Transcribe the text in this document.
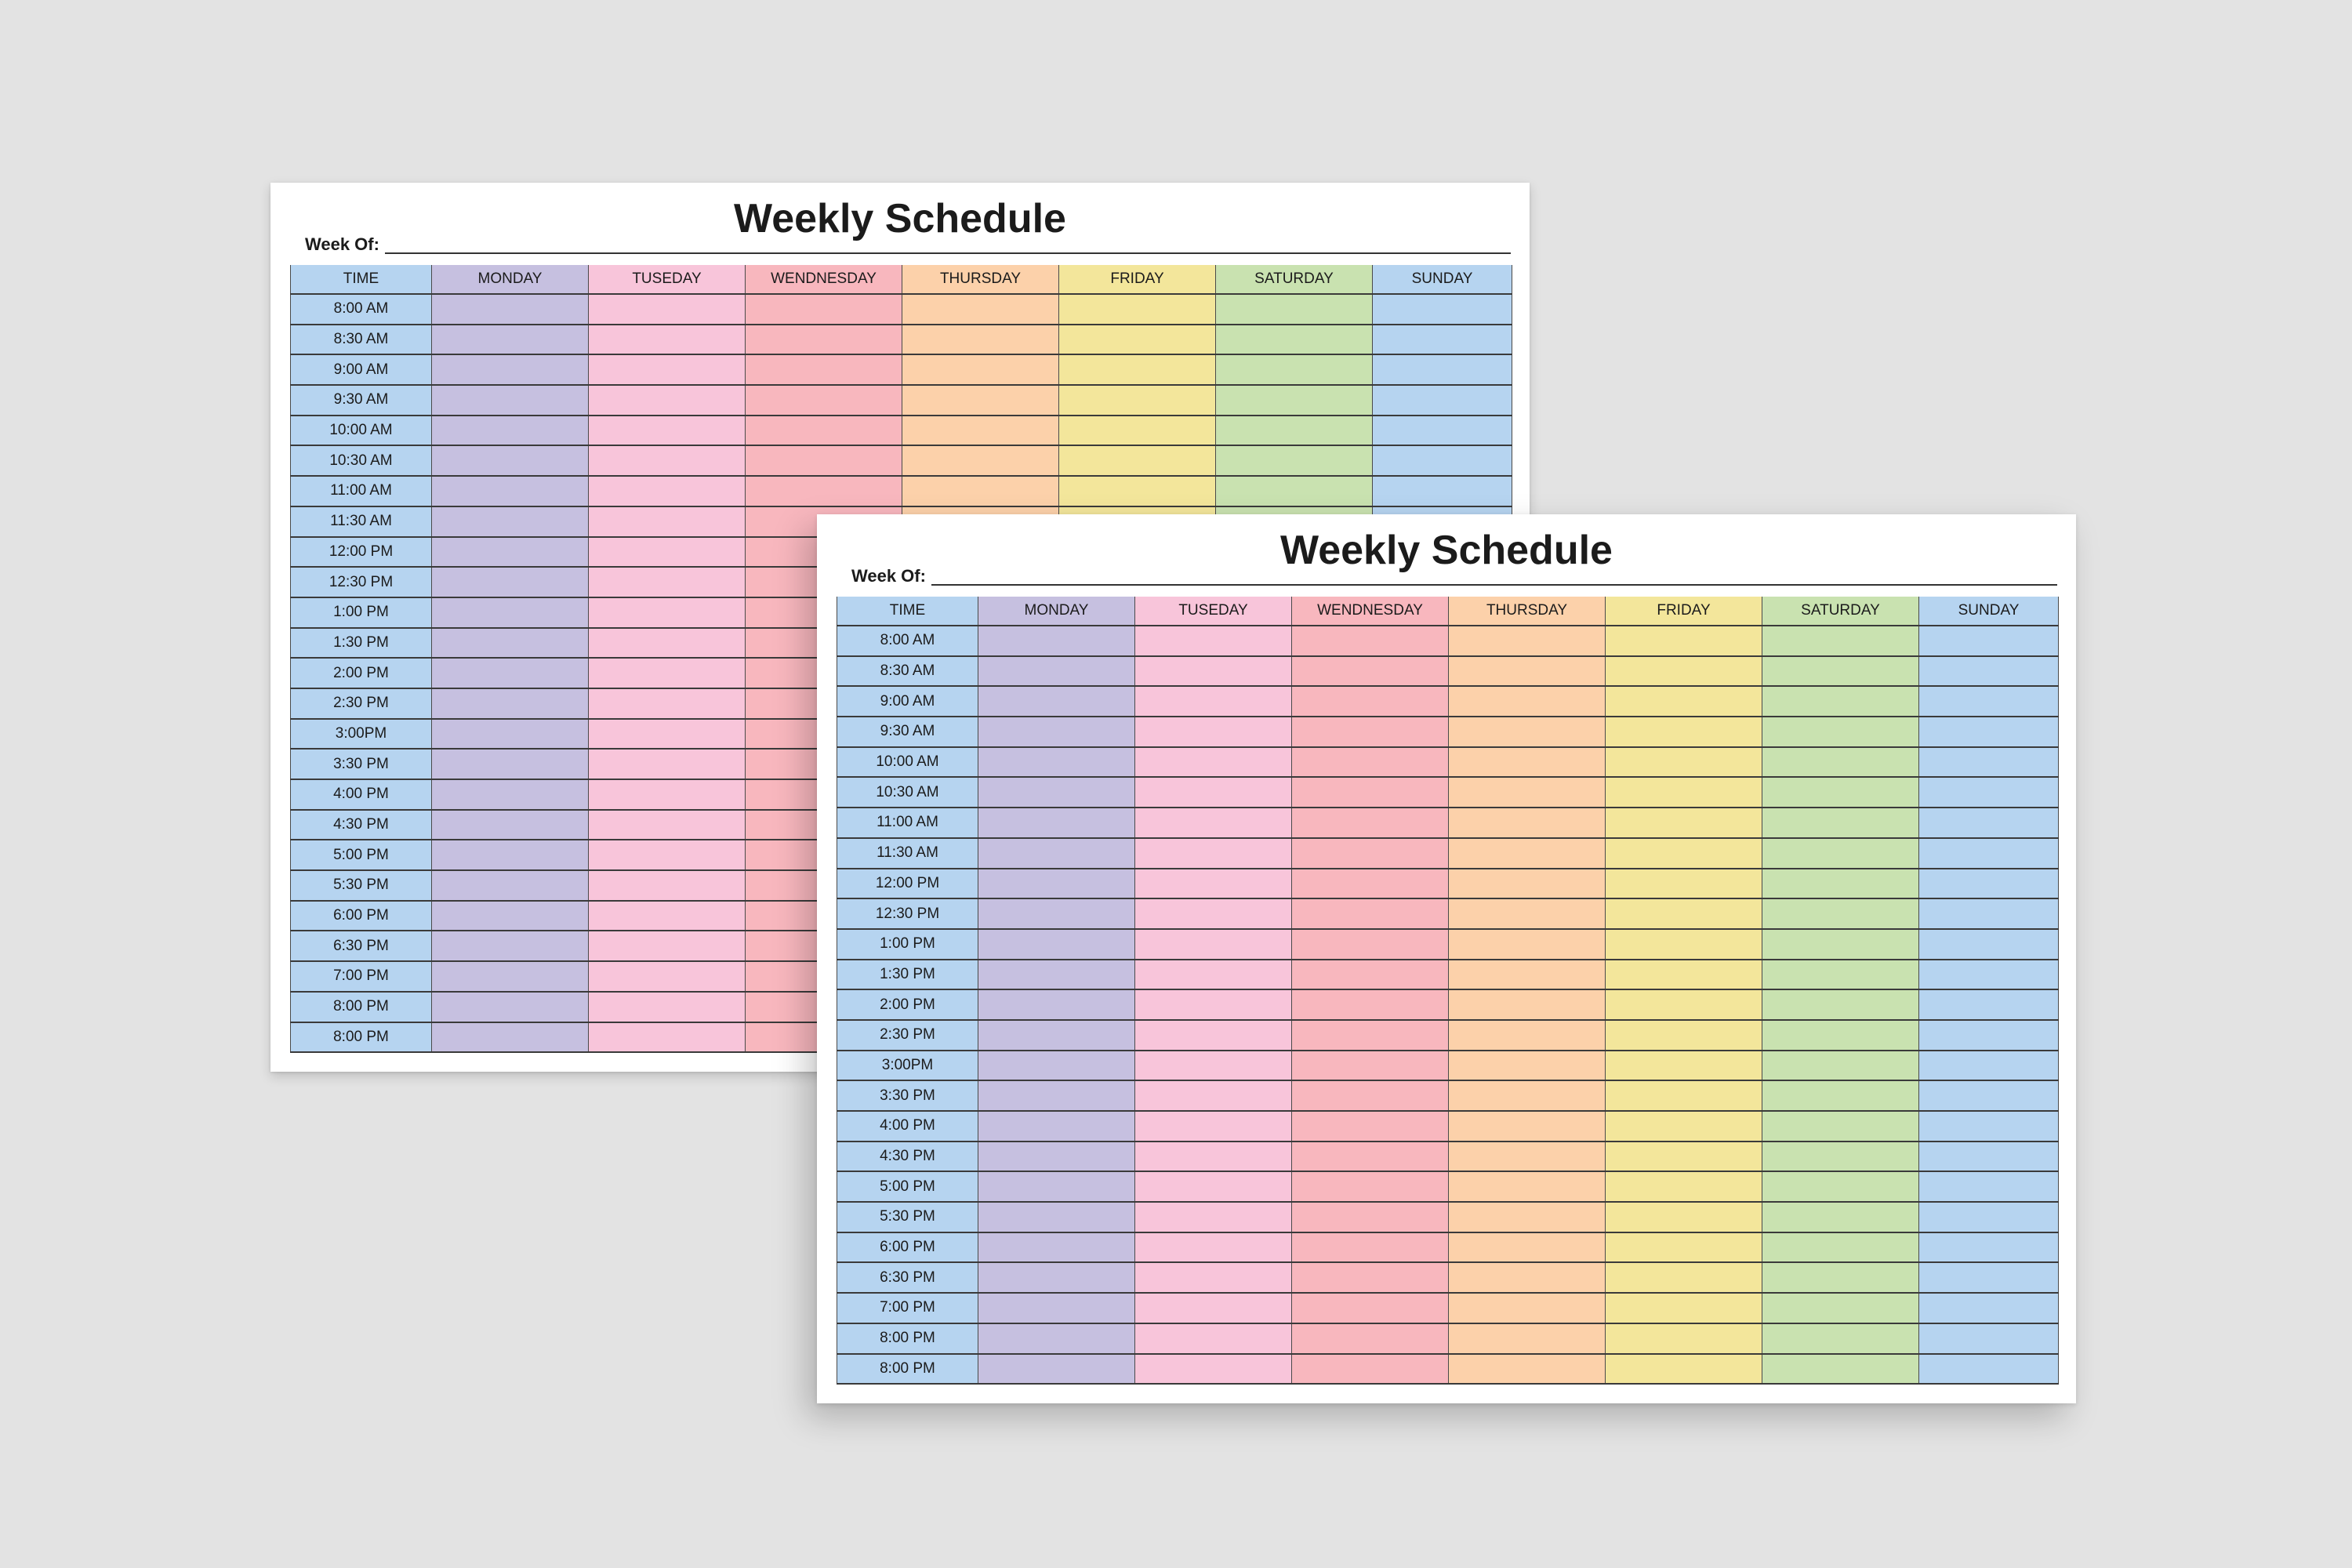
Weekly Schedule
Week Of:
TIME	MONDAY	TUSEDAY	WENDNESDAY	THURSDAY	FRIDAY	SATURDAY	SUNDAY
8:00 AM							
8:30 AM							
9:00 AM							
9:30 AM							
10:00 AM							
10:30 AM							
11:00 AM							
11:30 AM							
12:00 PM							
12:30 PM							
1:00 PM							
1:30 PM							
2:00 PM							
2:30 PM							
3:00PM							
3:30 PM							
4:00 PM							
4:30 PM							
5:00 PM							
5:30 PM							
6:00 PM							
6:30 PM							
7:00 PM							
8:00 PM							
8:00 PM							
Weekly Schedule
Week Of:
TIME	MONDAY	TUSEDAY	WENDNESDAY	THURSDAY	FRIDAY	SATURDAY	SUNDAY
8:00 AM							
8:30 AM							
9:00 AM							
9:30 AM							
10:00 AM							
10:30 AM							
11:00 AM							
11:30 AM							
12:00 PM							
12:30 PM							
1:00 PM							
1:30 PM							
2:00 PM							
2:30 PM							
3:00PM							
3:30 PM							
4:00 PM							
4:30 PM							
5:00 PM							
5:30 PM							
6:00 PM							
6:30 PM							
7:00 PM							
8:00 PM							
8:00 PM							
